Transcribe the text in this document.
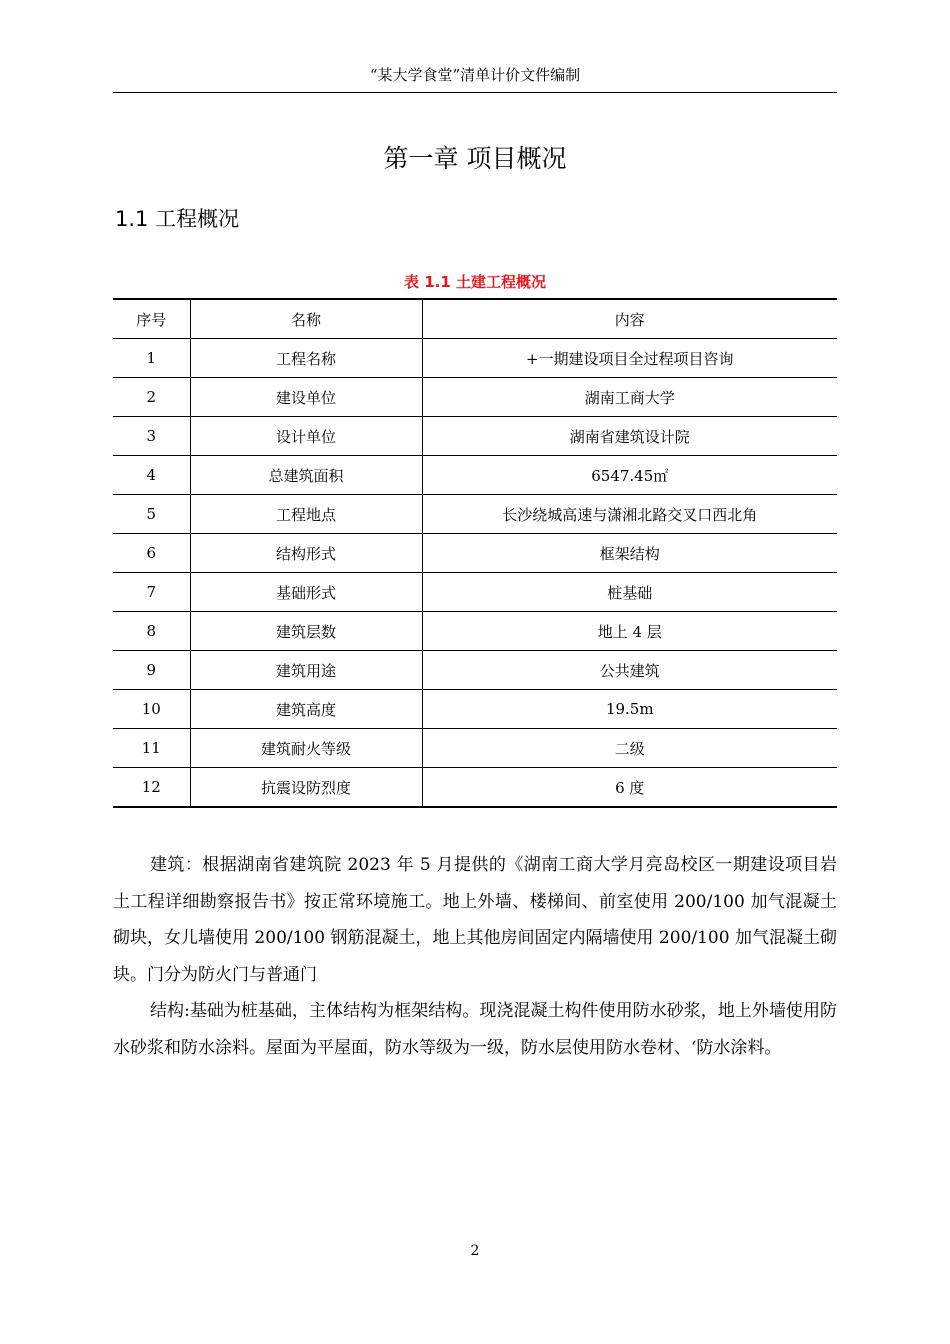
“某大学食堂”清单计价文件编制
第一章 项目概况
1.1 工程概况
表 1.1 土建工程概况
序号	名称	内容
1	工程名称	+一期建设项目全过程项目咨询
2	建设单位	湖南工商大学
3	设计单位	湖南省建筑设计院
4	总建筑面积	6547.45㎡
5	工程地点	长沙绕城高速与潇湘北路交叉口西北角
6	结构形式	框架结构
7	基础形式	桩基础
8	建筑层数	地上 4 层
9	建筑用途	公共建筑
10	建筑高度	19.5m
11	建筑耐火等级	二级
12	抗震设防烈度	6 度

建筑：根据湖南省建筑院 2023 年 5 月提供的《湖南工商大学月亮岛校区一期建设项目岩土工程详细勘察报告书》按正常环境施工。地上外墙、楼梯间、前室使用 200/100 加气混凝土砌块，女儿墙使用 200/100 钢筋混凝土，地上其他房间固定内隔墙使用 200/100 加气混凝土砌块。门分为防火门与普通门

结构:基础为桩基础，主体结构为框架结构。现浇混凝土构件使用防水砂浆，地上外墙使用防水砂浆和防水涂料。屋面为平屋面，防水等级为一级，防水层使用防水卷材、‘防水涂料。

2
